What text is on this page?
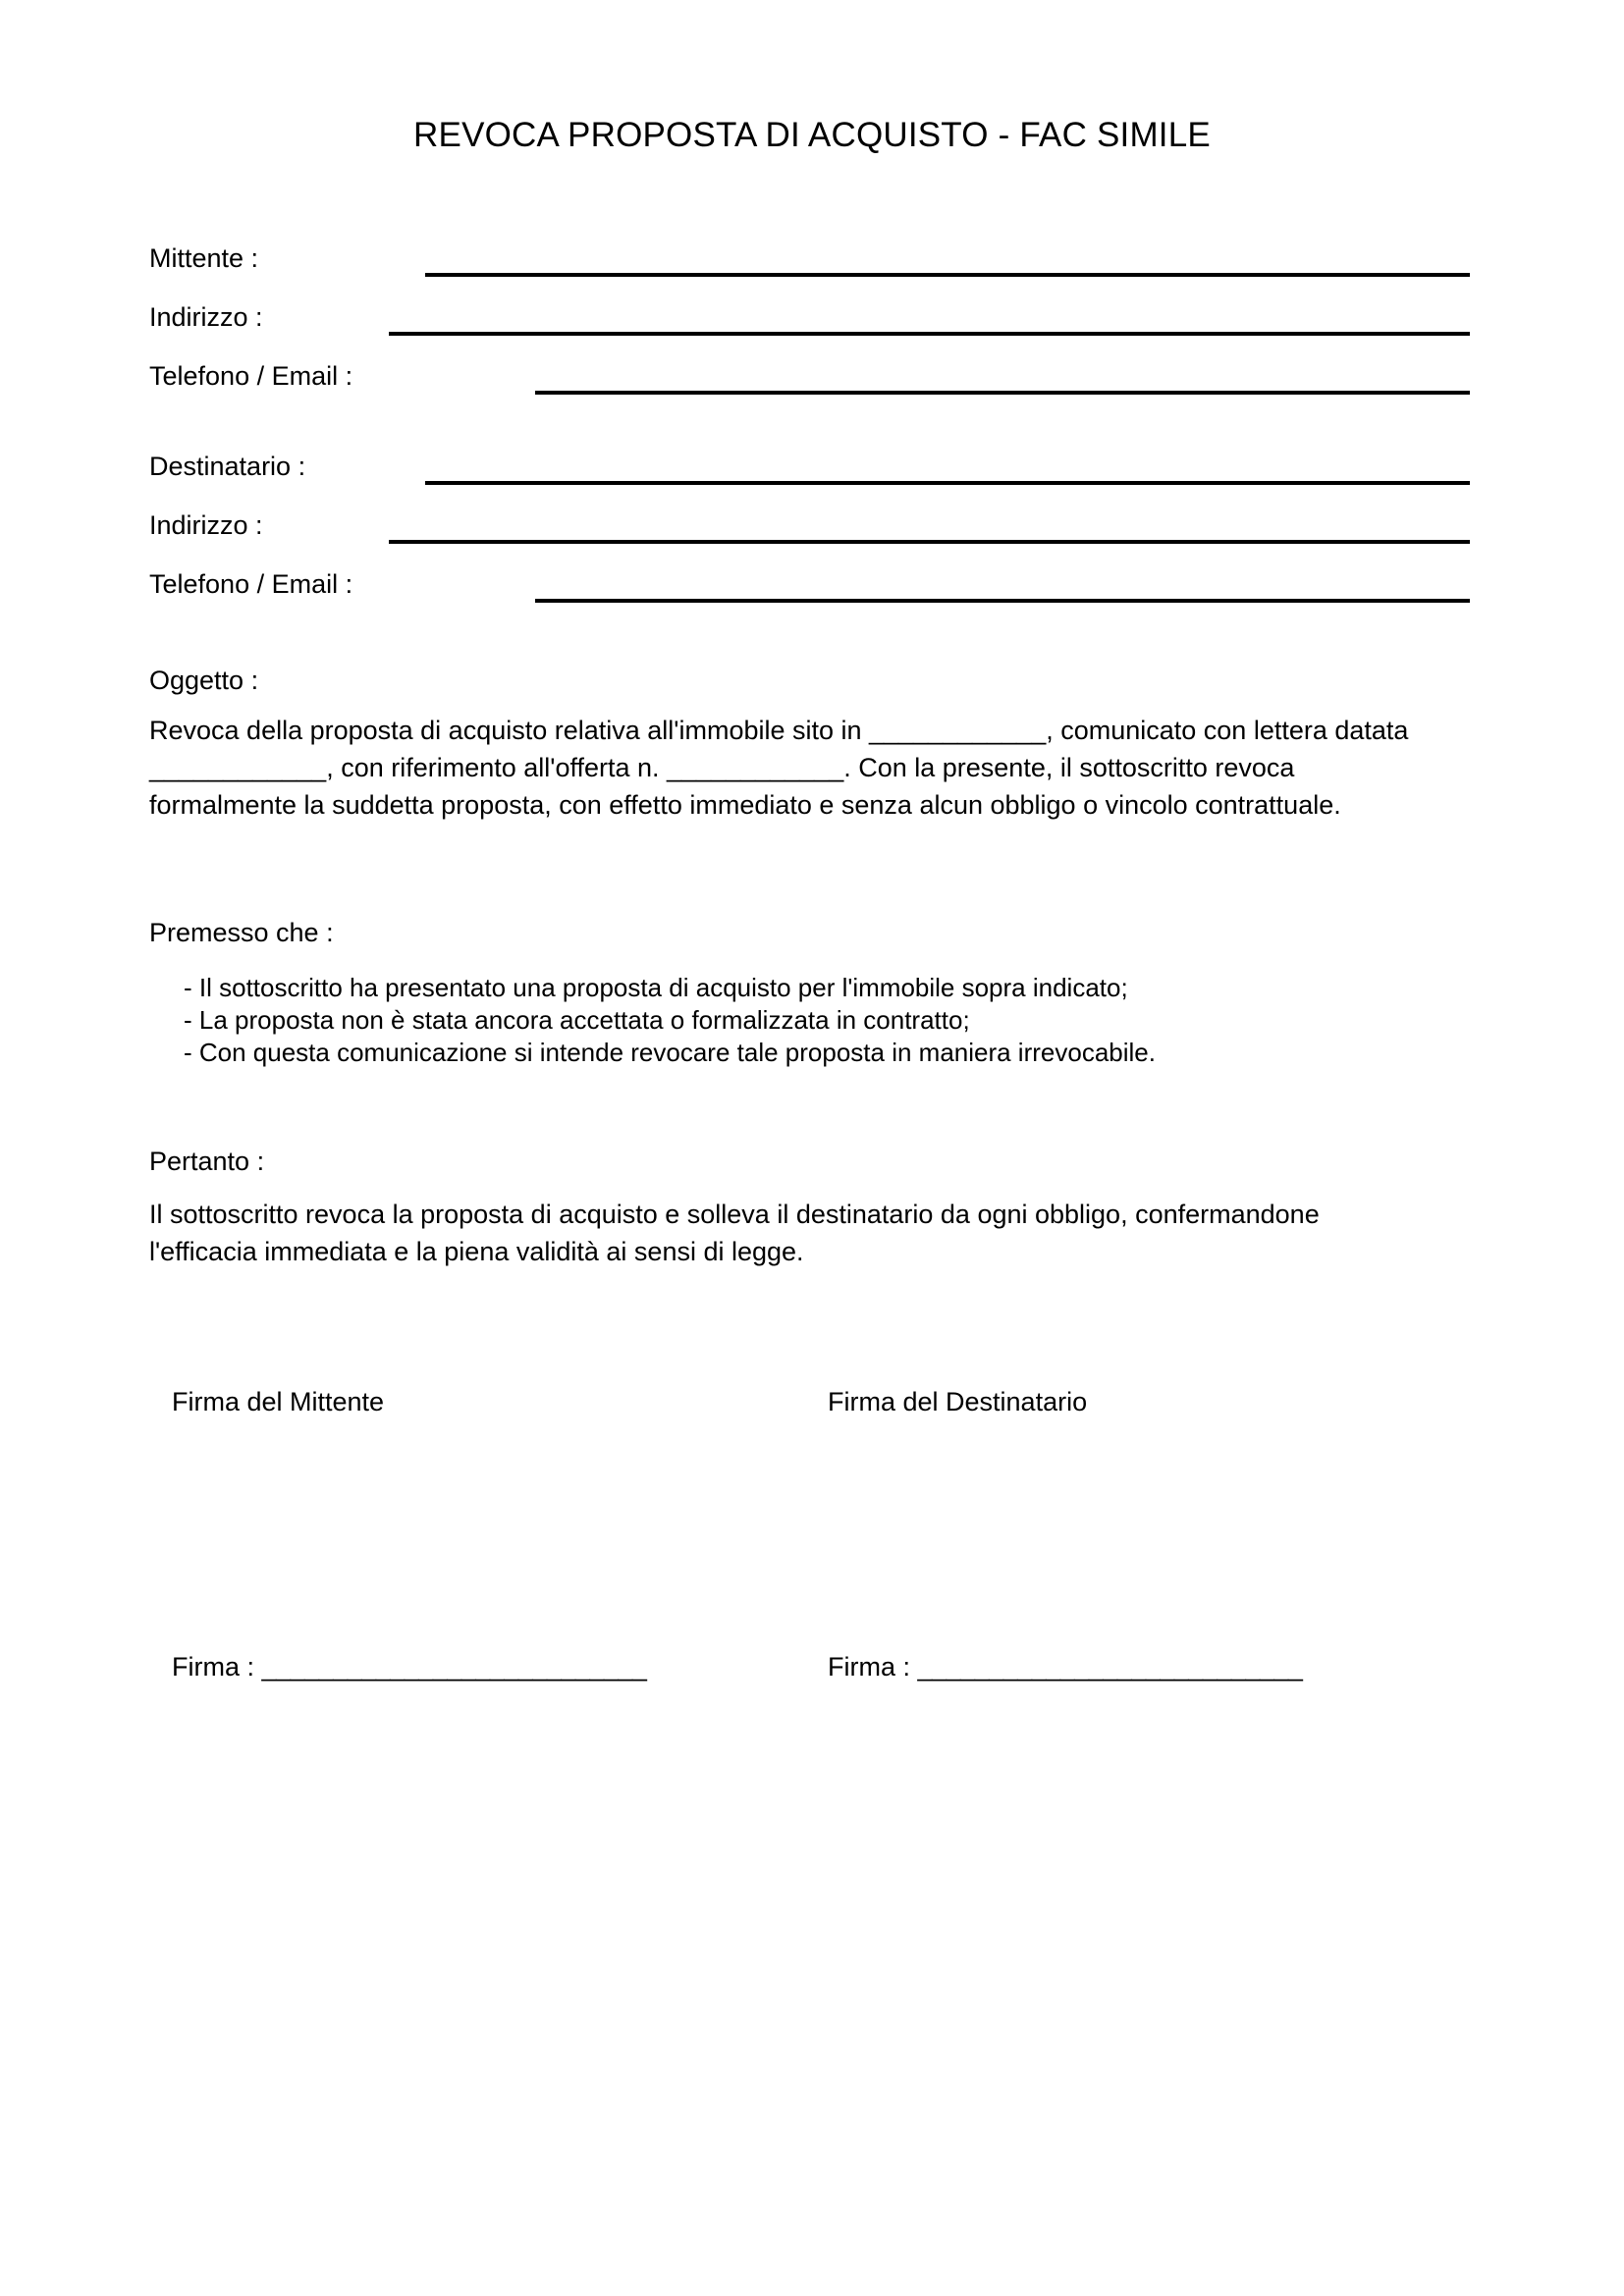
REVOCA PROPOSTA DI ACQUISTO - FAC SIMILE
Mittente :
Indirizzo :
Telefono / Email :
Destinatario :
Indirizzo :
Telefono / Email :
Oggetto :
Revoca della proposta di acquisto relativa all'immobile sito in ____________, comunicato con lettera datata
____________, con riferimento all'offerta n. ____________. Con la presente, il sottoscritto revoca
formalmente la suddetta proposta, con effetto immediato e senza alcun obbligo o vincolo contrattuale.
Premesso che :
- Il sottoscritto ha presentato una proposta di acquisto per l'immobile sopra indicato;
- La proposta non è stata ancora accettata o formalizzata in contratto;
- Con questa comunicazione si intende revocare tale proposta in maniera irrevocabile.
Pertanto :
Il sottoscritto revoca la proposta di acquisto e solleva il destinatario da ogni obbligo, confermandone
l'efficacia immediata e la piena validità ai sensi di legge.
Firma del Mittente	Firma del Destinatario
Firma : ___________________________	Firma : ___________________________
